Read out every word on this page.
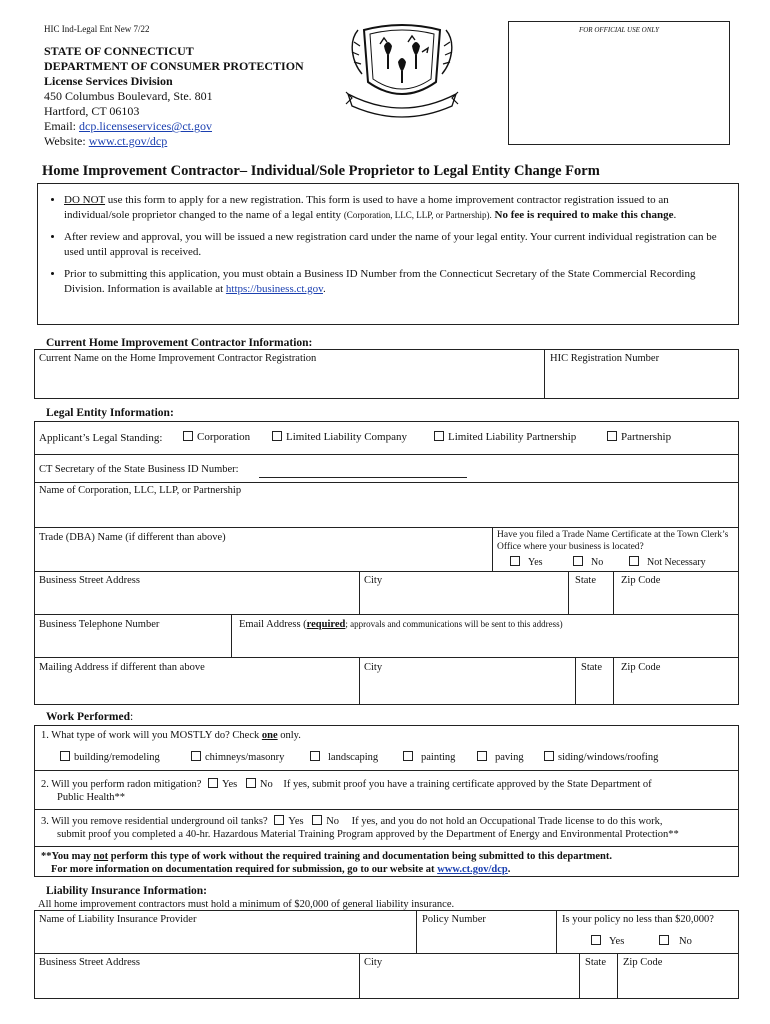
HIC Ind-Legal Ent New 7/22	FOR OFFICIAL USE ONLY
STATE OF CONNECTICUT
DEPARTMENT OF CONSUMER PROTECTION
License Services Division
450 Columbus Boulevard, Ste. 801
Hartford, CT 06103
Email: dcp.licenseservices@ct.gov
Website: www.ct.gov/dcp
Home Improvement Contractor– Individual/Sole Proprietor to Legal Entity Change Form
• DO NOT use this form to apply for a new registration. This form is used to have a home improvement contractor registration issued to an individual/sole proprietor changed to the name of a legal entity (Corporation, LLC, LLP, or Partnership). No fee is required to make this change.
• After review and approval, you will be issued a new registration card under the name of your legal entity. Your current individual registration can be used until approval is received.
• Prior to submitting this application, you must obtain a Business ID Number from the Connecticut Secretary of the State Commercial Recording Division. Information is available at https://business.ct.gov.
Current Home Improvement Contractor Information:
Current Name on the Home Improvement Contractor Registration	HIC Registration Number
Legal Entity Information:
Applicant’s Legal Standing:	Corporation	Limited Liability Company	Limited Liability Partnership	Partnership
CT Secretary of the State Business ID Number:
Name of Corporation, LLC, LLP, or Partnership
Trade (DBA) Name (if different than above)	Have you filed a Trade Name Certificate at the Town Clerk’s Office where your business is located?
Yes	No	Not Necessary
Business Street Address	City	State Zip Code
Business Telephone Number	Email Address (required; approvals and communications will be sent to this address)
Mailing Address if different than above	City	State Zip Code
Work Performed:
1. What type of work will you MOSTLY do? Check one only.
building/remodeling	chimneys/masonry	landscaping	painting	paving	siding/windows/roofing
2. Will you perform radon mitigation? Yes No If yes, submit proof you have a training certificate approved by the State Department of
Public Health**
3. Will you remove residential underground oil tanks? Yes No If yes, and you do not hold an Occupational Trade license to do this work,
submit proof you completed a 40-hr. Hazardous Material Training Program approved by the Department of Energy and Environmental Protection**
**You may not perform this type of work without the required training and documentation being submitted to this department.
For more information on documentation required for submission, go to our website at www.ct.gov/dcp.
Liability Insurance Information:
All home improvement contractors must hold a minimum of $20,000 of general liability insurance.
Name of Liability Insurance Provider	Policy Number	Is your policy no less than $20,000?
Yes	No
Business Street Address	City	State Zip Code
